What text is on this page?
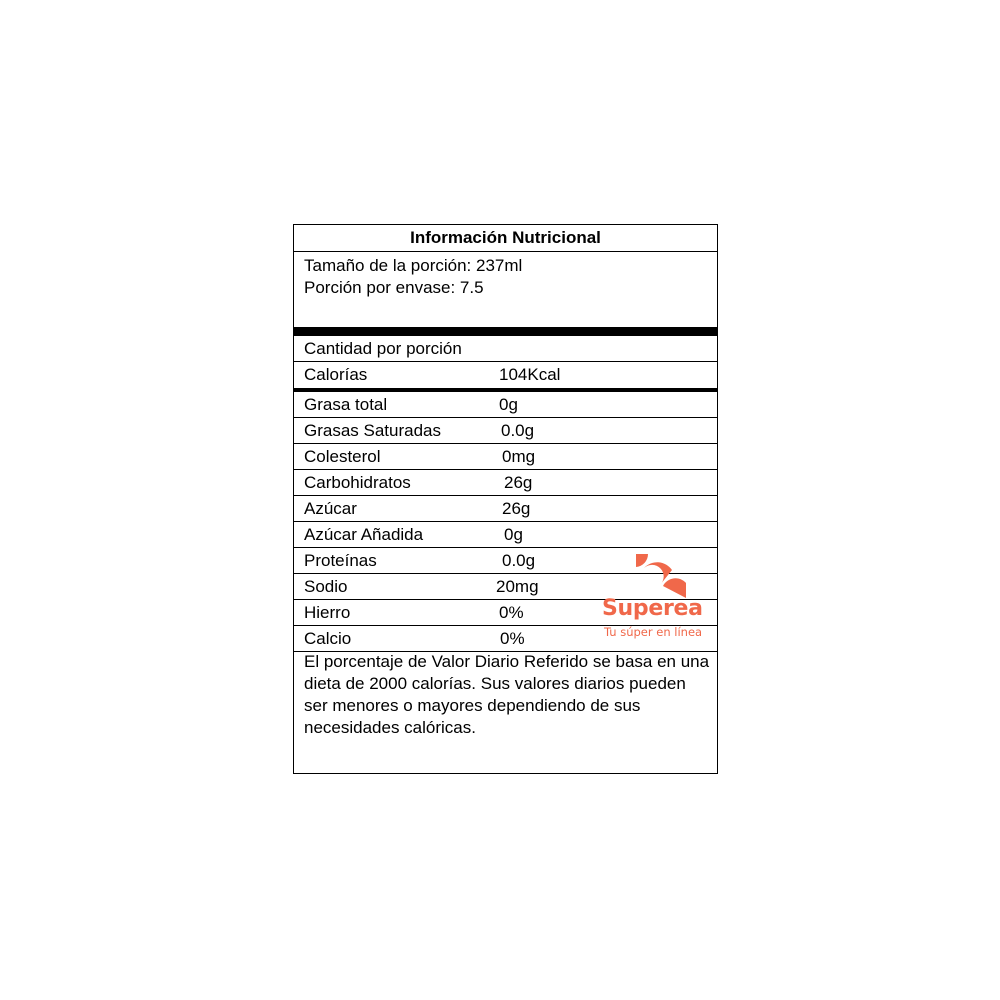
Información Nutricional
Tamaño de la porción: 237ml
Porción por envase: 7.5
Cantidad por porción
Calorías	104Kcal
Grasa total	0g
Grasas Saturadas	0.0g
Colesterol	0mg
Carbohidratos	26g
Azúcar	26g
Azúcar Añadida	0g
Proteínas	0.0g
Sodio	20mg
Hierro	0%
Calcio	0%
El porcentaje de Valor Diario Referido se basa en una dieta de 2000 calorías. Sus valores diarios pueden ser menores o mayores dependiendo de sus necesidades calóricas.
Superea
Tu súper en línea
